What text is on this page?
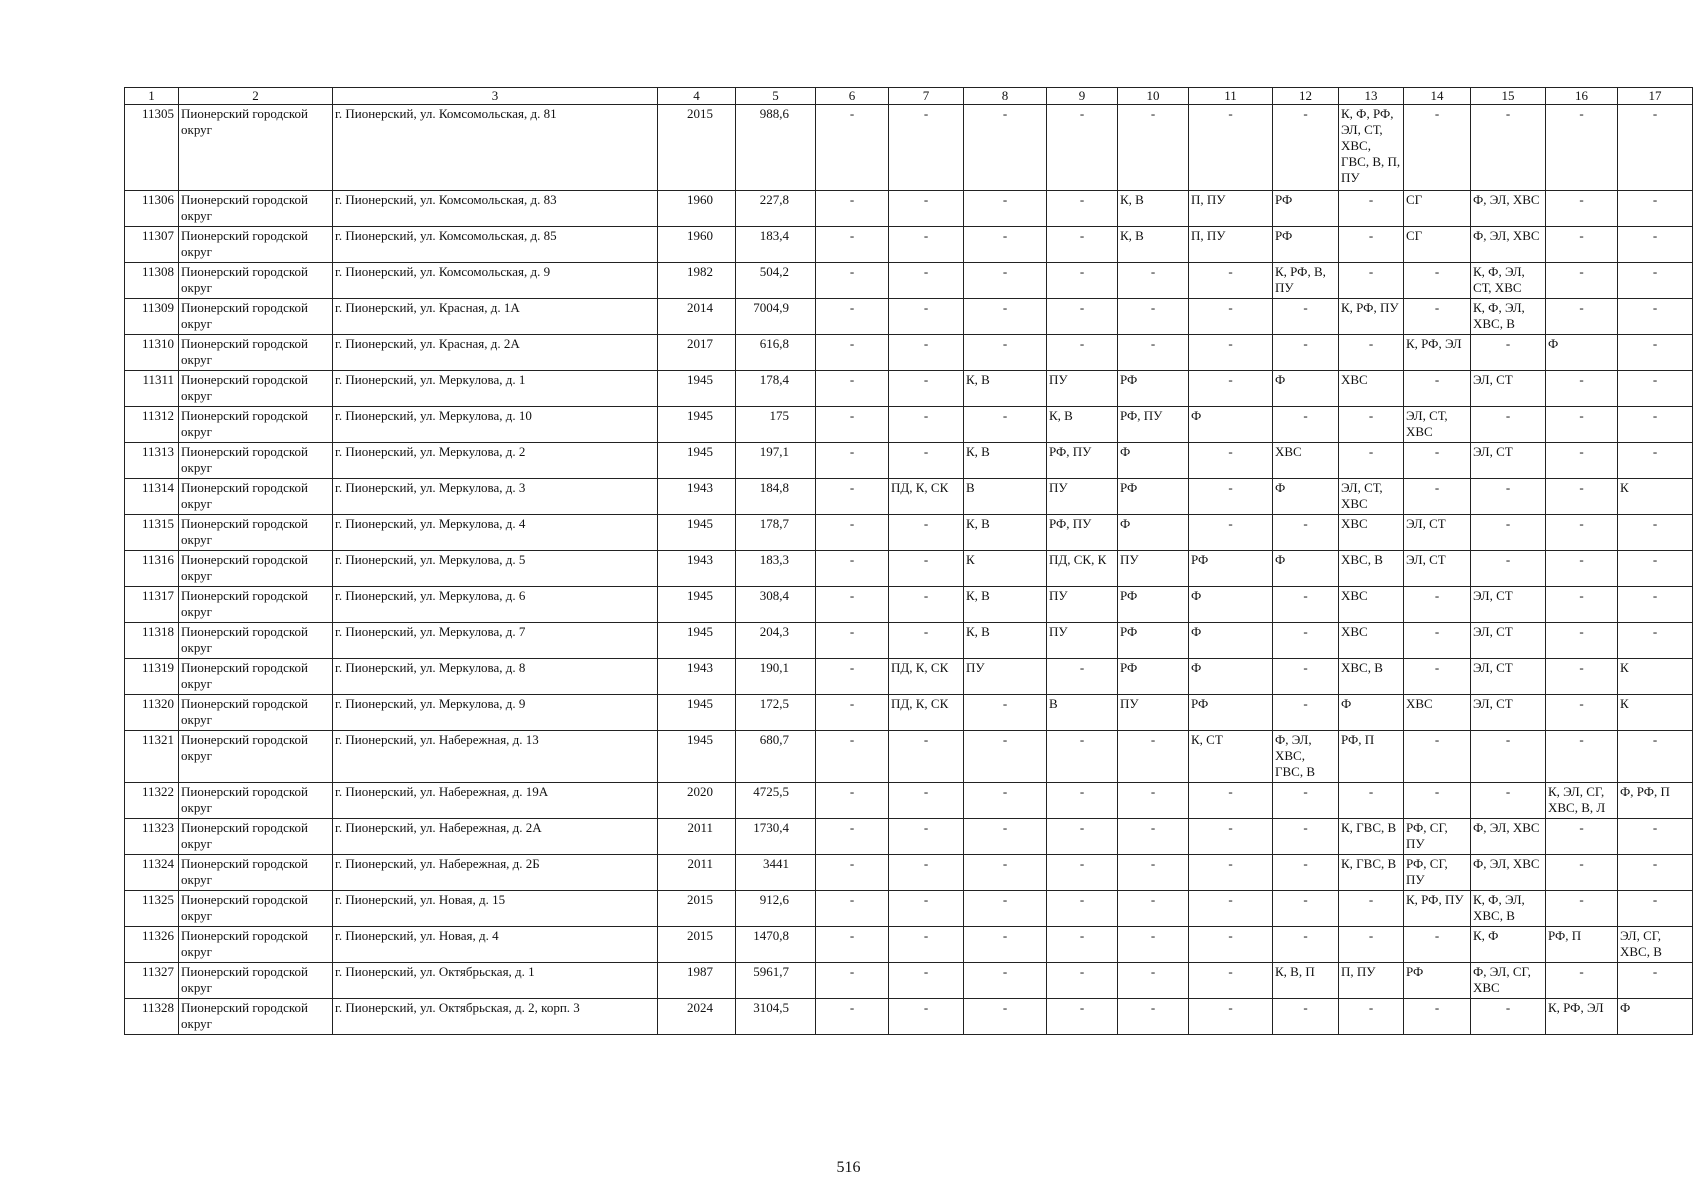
1	2	3	4	5	6	7	8	9	10	11	12	13	14	15	16	17
11305	Пионерский городской округ	г. Пионерский, ул. Комсомольская, д. 81	2015	988,6	-	-	-	-	-	-	-	К, Ф, РФ, ЭЛ, СТ, ХВС, ГВС, В, П, ПУ	-	-	-	-
11306	Пионерский городской округ	г. Пионерский, ул. Комсомольская, д. 83	1960	227,8	-	-	-	-	К, В	П, ПУ	РФ	-	СГ	Ф, ЭЛ, ХВС	-	-
11307	Пионерский городской округ	г. Пионерский, ул. Комсомольская, д. 85	1960	183,4	-	-	-	-	К, В	П, ПУ	РФ	-	СГ	Ф, ЭЛ, ХВС	-	-
11308	Пионерский городской округ	г. Пионерский, ул. Комсомольская, д. 9	1982	504,2	-	-	-	-	-	-	К, РФ, В, ПУ	-	-	К, Ф, ЭЛ, СТ, ХВС	-	-
11309	Пионерский городской округ	г. Пионерский, ул. Красная, д. 1А	2014	7004,9	-	-	-	-	-	-	-	К, РФ, ПУ	-	К, Ф, ЭЛ, ХВС, В	-	-
11310	Пионерский городской округ	г. Пионерский, ул. Красная, д. 2А	2017	616,8	-	-	-	-	-	-	-	-	К, РФ, ЭЛ	-	Ф	-
11311	Пионерский городской округ	г. Пионерский, ул. Меркулова, д. 1	1945	178,4	-	-	К, В	ПУ	РФ	-	Ф	ХВС	-	ЭЛ, СТ	-	-
11312	Пионерский городской округ	г. Пионерский, ул. Меркулова, д. 10	1945	175	-	-	-	К, В	РФ, ПУ	Ф	-	-	ЭЛ, СТ, ХВС	-	-	-
11313	Пионерский городской округ	г. Пионерский, ул. Меркулова, д. 2	1945	197,1	-	-	К, В	РФ, ПУ	Ф	-	ХВС	-	-	ЭЛ, СТ	-	-
11314	Пионерский городской округ	г. Пионерский, ул. Меркулова, д. 3	1943	184,8	-	ПД, К, СК	В	ПУ	РФ	-	Ф	ЭЛ, СТ, ХВС	-	-	-	К
11315	Пионерский городской округ	г. Пионерский, ул. Меркулова, д. 4	1945	178,7	-	-	К, В	РФ, ПУ	Ф	-	-	ХВС	ЭЛ, СТ	-	-	-
11316	Пионерский городской округ	г. Пионерский, ул. Меркулова, д. 5	1943	183,3	-	-	К	ПД, СК, К	ПУ	РФ	Ф	ХВС, В	ЭЛ, СТ	-	-	-
11317	Пионерский городской округ	г. Пионерский, ул. Меркулова, д. 6	1945	308,4	-	-	К, В	ПУ	РФ	Ф	-	ХВС	-	ЭЛ, СТ	-	-
11318	Пионерский городской округ	г. Пионерский, ул. Меркулова, д. 7	1945	204,3	-	-	К, В	ПУ	РФ	Ф	-	ХВС	-	ЭЛ, СТ	-	-
11319	Пионерский городской округ	г. Пионерский, ул. Меркулова, д. 8	1943	190,1	-	ПД, К, СК	ПУ	-	РФ	Ф	-	ХВС, В	-	ЭЛ, СТ	-	К
11320	Пионерский городской округ	г. Пионерский, ул. Меркулова, д. 9	1945	172,5	-	ПД, К, СК	-	В	ПУ	РФ	-	Ф	ХВС	ЭЛ, СТ	-	К
11321	Пионерский городской округ	г. Пионерский, ул. Набережная, д. 13	1945	680,7	-	-	-	-	-	К, СТ	Ф, ЭЛ, ХВС, ГВС, В	РФ, П	-	-	-	-
11322	Пионерский городской округ	г. Пионерский, ул. Набережная, д. 19А	2020	4725,5	-	-	-	-	-	-	-	-	-	-	К, ЭЛ, СГ, ХВС, В, Л	Ф, РФ, П
11323	Пионерский городской округ	г. Пионерский, ул. Набережная, д. 2А	2011	1730,4	-	-	-	-	-	-	-	К, ГВС, В	РФ, СГ, ПУ	Ф, ЭЛ, ХВС	-	-
11324	Пионерский городской округ	г. Пионерский, ул. Набережная, д. 2Б	2011	3441	-	-	-	-	-	-	-	К, ГВС, В	РФ, СГ, ПУ	Ф, ЭЛ, ХВС	-	-
11325	Пионерский городской округ	г. Пионерский, ул. Новая, д. 15	2015	912,6	-	-	-	-	-	-	-	-	К, РФ, ПУ	К, Ф, ЭЛ, ХВС, В	-	-
11326	Пионерский городской округ	г. Пионерский, ул. Новая, д. 4	2015	1470,8	-	-	-	-	-	-	-	-	-	К, Ф	РФ, П	ЭЛ, СГ, ХВС, В
11327	Пионерский городской округ	г. Пионерский, ул. Октябрьская, д. 1	1987	5961,7	-	-	-	-	-	-	К, В, П	П, ПУ	РФ	Ф, ЭЛ, СГ, ХВС	-	-
11328	Пионерский городской округ	г. Пионерский, ул. Октябрьская, д. 2, корп. 3	2024	3104,5	-	-	-	-	-	-	-	-	-	-	К, РФ, ЭЛ	Ф
516
